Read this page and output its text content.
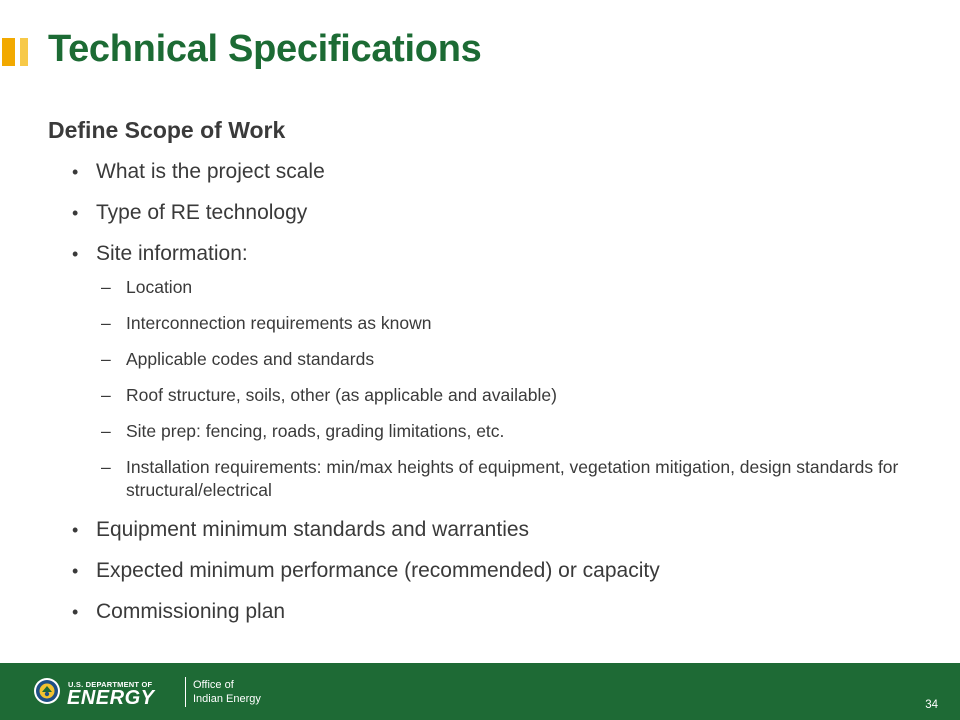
Technical Specifications
Define Scope of Work
• What is the project scale
• Type of RE technology
• Site information:
– Location
– Interconnection requirements as known
– Applicable codes and standards
– Roof structure, soils, other (as applicable and available)
– Site prep: fencing, roads, grading limitations, etc.
– Installation requirements: min/max heights of equipment, vegetation mitigation, design standards for structural/electrical
• Equipment minimum standards and warranties
• Expected minimum performance (recommended) or capacity
• Commissioning plan
U.S. DEPARTMENT OF
ENERGY
Office of
Indian Energy	34
